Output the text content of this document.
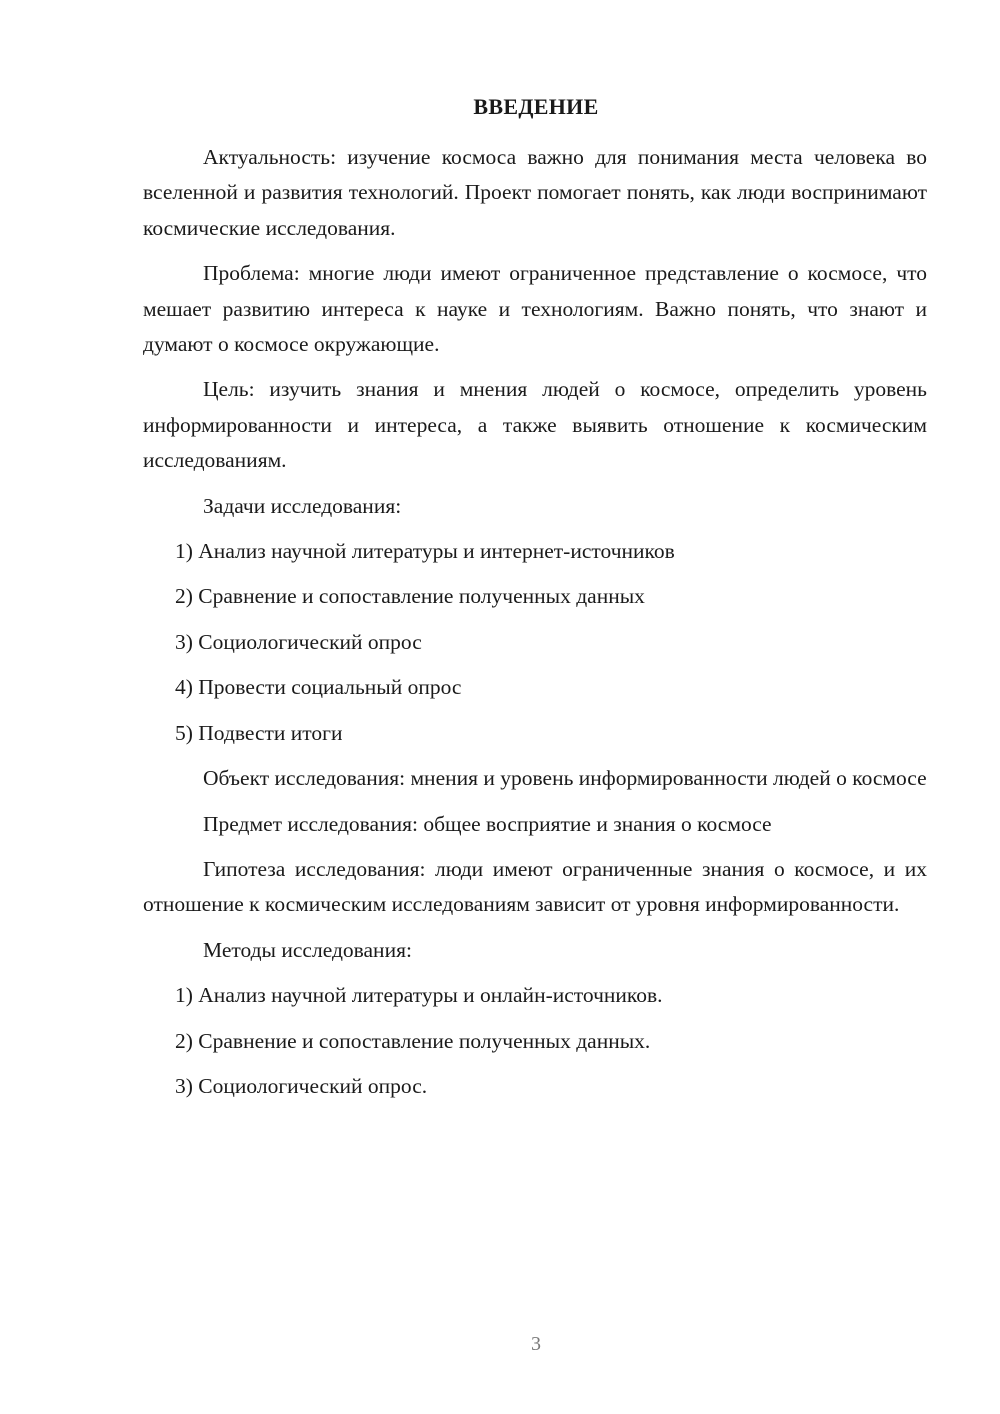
ВВЕДЕНИЕ

Актуальность: изучение космоса важно для понимания места человека во вселенной и развития технологий. Проект помогает понять, как люди воспринимают космические исследования.

Проблема: многие люди имеют ограниченное представление о космосе, что мешает развитию интереса к науке и технологиям. Важно понять, что знают и думают о космосе окружающие.

Цель: изучить знания и мнения людей о космосе, определить уровень информированности и интереса, а также выявить отношение к космическим исследованиям.

Задачи исследования:

1) Анализ научной литературы и интернет-источников

2) Сравнение и сопоставление полученных данных

3) Социологический опрос

4) Провести социальный опрос

5) Подвести итоги

Объект исследования: мнения и уровень информированности людей о космосе

Предмет исследования: общее восприятие и знания о космосе

Гипотеза исследования: люди имеют ограниченные знания о космосе, и их отношение к космическим исследованиям зависит от уровня информированности.

Методы исследования:

1) Анализ научной литературы и онлайн-источников.

2) Сравнение и сопоставление полученных данных.

3) Социологический опрос.

3
